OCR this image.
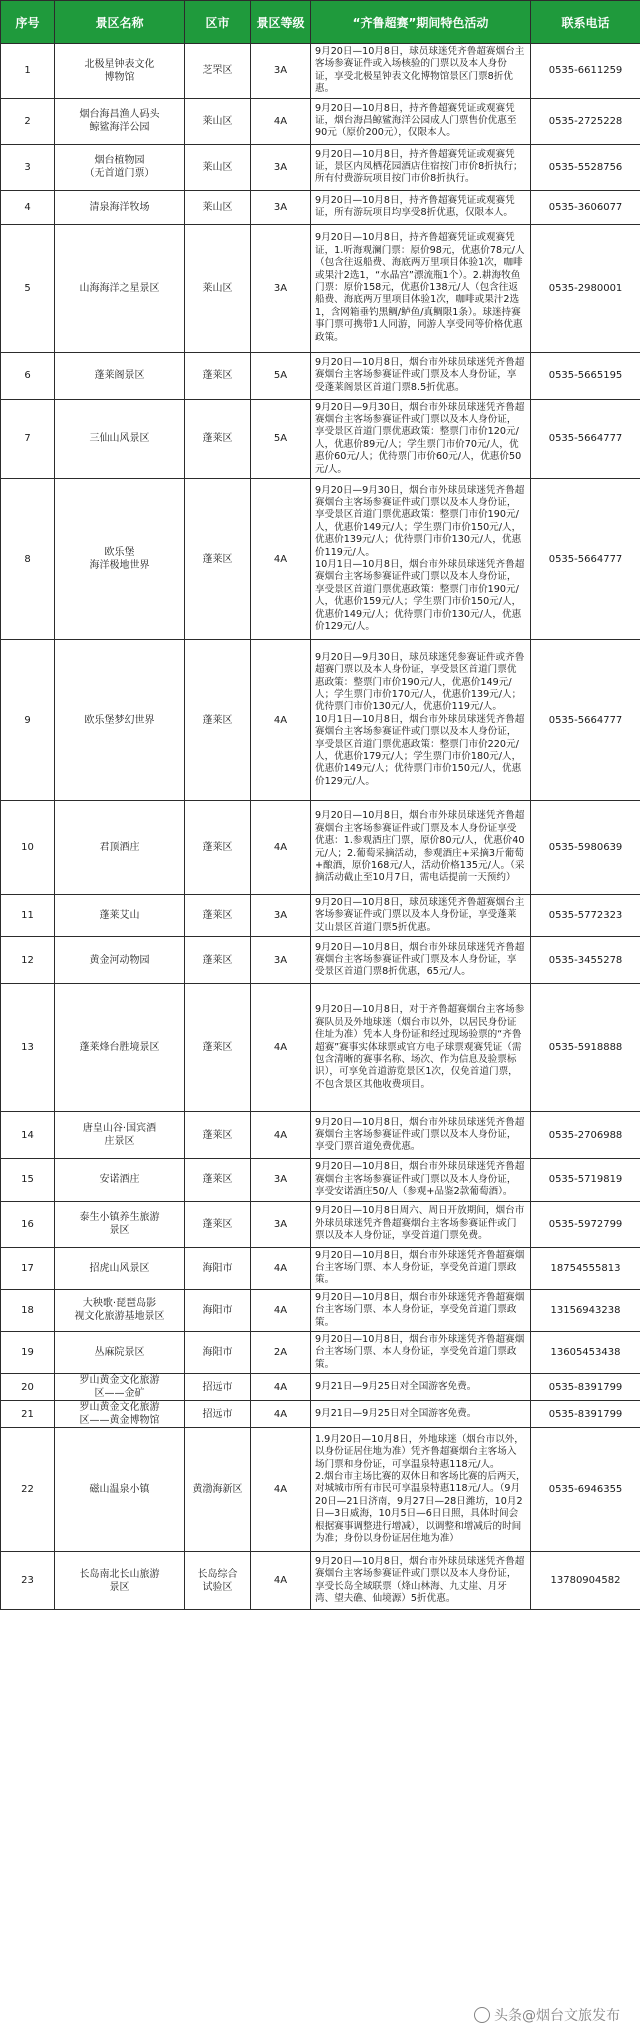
序号	景区名称	区市	景区等级	“齐鲁超赛”期间特色活动	联系电话
1	北极星钟表文化
博物馆	芝罘区	3A	9月20日—10月8日，球员球迷凭齐鲁超赛烟台主客场参赛证件或入场核验的门票以及本人身份证，享受北极星钟表文化博物馆景区门票8折优惠。	0535-6611259
2	烟台海昌渔人码头
鲸鲨海洋公园	莱山区	4A	9月20日—10月8日，持齐鲁超赛凭证或观赛凭证，烟台海昌鲸鲨海洋公园成人门票售价优惠至90元（原价200元），仅限本人。	0535-2725228
3	烟台植物园
（无首道门票）	莱山区	3A	9月20日—10月8日，持齐鲁超赛凭证或观赛凭证，景区内凤栖花园酒店住宿按门市价8折执行；所有付费游玩项目按门市价8折执行。	0535-5528756
4	清泉海洋牧场	莱山区	3A	9月20日—10月8日，持齐鲁超赛凭证或观赛凭证，所有游玩项目均享受8折优惠，仅限本人。	0535-3606077
5	山海海洋之星景区	莱山区	3A	9月20日—10月8日，持齐鲁超赛凭证或观赛凭证，1.听海观澜门票：原价98元，优惠价78元/人（包含往返船费、海底两万里项目体验1次，咖啡或果汁2选1，“水晶宫”漂流瓶1个）。2.耕海牧鱼门票：原价158元，优惠价138元/人（包含往返船费、海底两万里项目体验1次，咖啡或果汁2选1，含网箱垂钓黑鲷/鲈鱼/真鲷限1条）。球迷持赛事门票可携带1人同游，同游人享受同等价格优惠政策。	0535-2980001
6	蓬莱阁景区	蓬莱区	5A	9月20日—10月8日，烟台市外球员球迷凭齐鲁超赛烟台主客场参赛证件或门票及本人身份证，享受蓬莱阁景区首道门票8.5折优惠。	0535-5665195
7	三仙山风景区	蓬莱区	5A	9月20日—9月30日，烟台市外球员球迷凭齐鲁超赛烟台主客场参赛证件或门票以及本人身份证，享受景区首道门票优惠政策：整票门市价120元/人，优惠价89元/人；学生票门市价70元/人，优惠价60元/人；优待票门市价60元/人，优惠价50元/人。	0535-5664777
8	欧乐堡
海洋极地世界	蓬莱区	4A	9月20日—9月30日，烟台市外球员球迷凭齐鲁超赛烟台主客场参赛证件或门票以及本人身份证，享受景区首道门票优惠政策：整票门市价190元/人，优惠价149元/人；学生票门市价150元/人，优惠价139元/人；优待票门市价130元/人，优惠价119元/人。
10月1日—10月8日，烟台市外球员球迷凭齐鲁超赛烟台主客场参赛证件或门票以及本人身份证，享受景区首道门票优惠政策：整票门市价190元/人，优惠价159元/人；学生票门市价150元/人，优惠价149元/人；优待票门市价130元/人，优惠价129元/人。	0535-5664777
9	欧乐堡梦幻世界	蓬莱区	4A	9月20日—9月30日，球员球迷凭参赛证件或齐鲁超赛门票以及本人身份证，享受景区首道门票优惠政策：整票门市价190元/人，优惠价149元/人；学生票门市价170元/人，优惠价139元/人；优待票门市价130元/人，优惠价119元/人。
10月1日—10月8日，烟台市外球员球迷凭齐鲁超赛烟台主客场参赛证件或门票以及本人身份证，享受景区首道门票优惠政策：整票门市价220元/人，优惠价179元/人；学生票门市价180元/人，优惠价149元/人；优待票门市价150元/人，优惠价129元/人。	0535-5664777
10	君顶酒庄	蓬莱区	4A	9月20日—10月8日，烟台市外球员球迷凭齐鲁超赛烟台主客场参赛证件或门票及本人身份证享受优惠：1.参观酒庄门票，原价80元/人，优惠价40元/人；2.葡萄采摘活动，参观酒庄+采摘3斤葡萄+酿酒，原价168元/人，活动价格135元/人。（采摘活动截止至10月7日，需电话提前一天预约）	0535-5980639
11	蓬莱艾山	蓬莱区	3A	9月20日—10月8日，球员球迷凭齐鲁超赛烟台主客场参赛证件或门票以及本人身份证，享受蓬莱艾山景区首道门票5折优惠。	0535-5772323
12	黄金河动物园	蓬莱区	3A	9月20日—10月8日，烟台市外球员球迷凭齐鲁超赛烟台主客场参赛证件或门票及本人身份证，享受景区首道门票8折优惠，65元/人。	0535-3455278
13	蓬莱烽台胜境景区	蓬莱区	4A	9月20日—10月8日，对于齐鲁超赛烟台主客场参赛队员及外地球迷（烟台市以外，以居民身份证住址为准）凭本人身份证和经过现场验票的“齐鲁超赛”赛事实体球票或官方电子球票观赛凭证（需包含清晰的赛事名称、场次、作为信息及验票标识），可享免首道游览景区1次，仅免首道门票，不包含景区其他收费项目。	0535-5918888
14	唐皇山谷·国宾酒
庄景区	蓬莱区	4A	9月20日—10月8日，烟台市外球员球迷凭齐鲁超赛烟台主客场参赛证件或门票以及本人身份证，享受门票首道免费优惠。	0535-2706988
15	安诺酒庄	蓬莱区	3A	9月20日—10月8日，烟台市外球员球迷凭齐鲁超赛烟台主客场参赛证件或门票以及本人身份证，享受安诺酒庄50/人（参观+品鉴2款葡萄酒）。	0535-5719819
16	泰生小镇养生旅游
景区	蓬莱区	3A	9月20日—10月8日周六、周日开放期间，烟台市外球员球迷凭齐鲁超赛烟台主客场参赛证件或门票以及本人身份证，享受首道门票免费。	0535-5972799
17	招虎山风景区	海阳市	4A	9月20日—10月8日，烟台市外球迷凭齐鲁超赛烟台主客场门票、本人身份证，享受免首道门票政策。	18754555813
18	大秧歌·琵琶岛影
视文化旅游基地景区	海阳市	4A	9月20日—10月8日，烟台市外球迷凭齐鲁超赛烟台主客场门票、本人身份证，享受免首道门票政策。	13156943238
19	丛麻院景区	海阳市	2A	9月20日—10月8日，烟台市外球迷凭齐鲁超赛烟台主客场门票、本人身份证，享受免首道门票政策。	13605453438
20	罗山黄金文化旅游
区——金矿	招远市	4A	9月21日—9月25日对全国游客免费。	0535-8391799
21	罗山黄金文化旅游
区——黄金博物馆	招远市	4A	9月21日—9月25日对全国游客免费。	0535-8391799
22	磁山温泉小镇	黄渤海新区	4A	1.9月20日—10月8日，外地球迷（烟台市以外，以身份证居住地为准）凭齐鲁超赛烟台主客场入场门票和身份证，可享温泉特惠118元/人。
2.烟台市主场比赛的双休日和客场比赛的后两天，对城城市所有市民可享温泉特惠118元/人。（9月20日—21日济南，9月27日—28日潍坊，10月2日—3日威海，10月5日—6日日照，具体时间会根据赛事调整进行增减），以调整和增减后的时间为准；身份以身份证居住地为准）	0535-6946355
23	长岛南北长山旅游
景区	长岛综合
试验区	4A	9月20日—10月8日，烟台市外球员球迷凭齐鲁超赛烟台主客场参赛证件或门票以及本人身份证，享受长岛全域联票（烽山林海、九丈崖、月牙湾、望夫礁、仙境源）5折优惠。	13780904582
头条@烟台文旅发布
